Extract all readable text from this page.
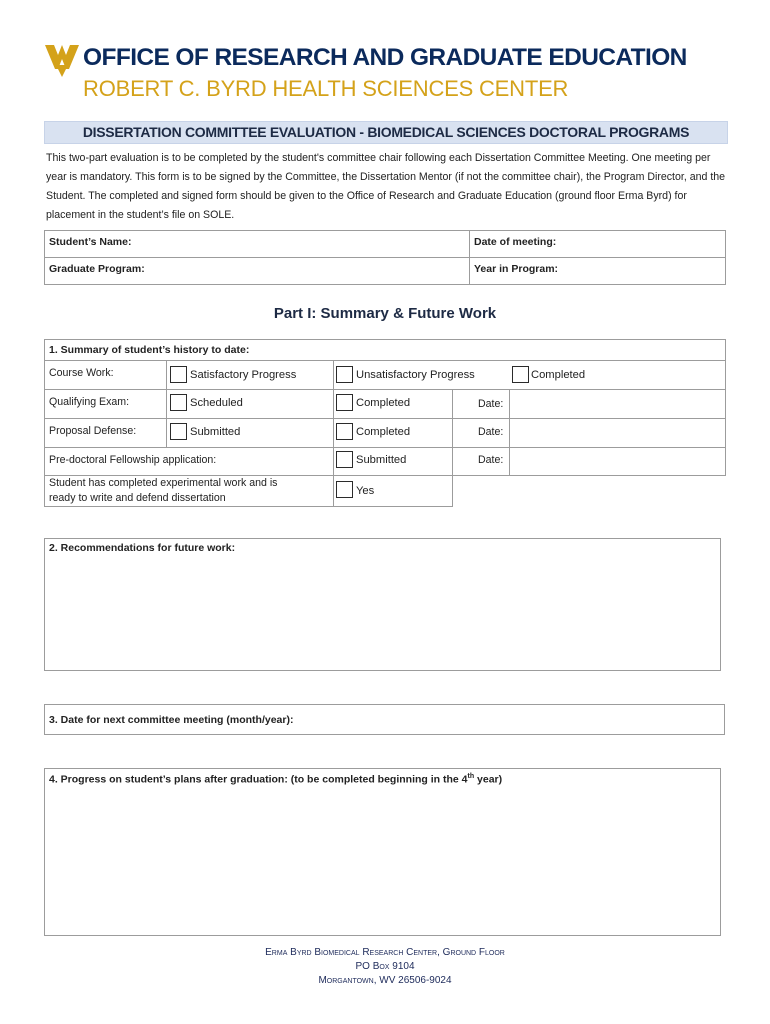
OFFICE OF RESEARCH AND GRADUATE EDUCATION
ROBERT C. BYRD HEALTH SCIENCES CENTER
DISSERTATION COMMITTEE EVALUATION - BIOMEDICAL SCIENCES DOCTORAL PROGRAMS
This two-part evaluation is to be completed by the student's committee chair following each Dissertation Committee Meeting. One meeting per year is mandatory. This form is to be signed by the Committee, the Dissertation Mentor (if not the committee chair), the Program Director, and the Student. The completed and signed form should be given to the Office of Research and Graduate Education (ground floor Erma Byrd) for placement in the student’s file on SOLE.
Student’s Name:	Date of meeting:
Graduate Program:	Year in Program:
Part I: Summary & Future Work
1. Summary of student’s history to date:
Course Work:	Satisfactory Progress	Unsatisfactory Progress	Completed
Qualifying Exam:	Scheduled	Completed	Date:
Proposal Defense:	Submitted	Completed	Date:
Pre-doctoral Fellowship application:	Submitted	Date:
Student has completed experimental work and is
ready to write and defend dissertation
Yes
2. Recommendations for future work:
3. Date for next committee meeting (month/year):
4. Progress on student’s plans after graduation: (to be completed beginning in the 4th year)
Erma Byrd Biomedical Research Center, Ground Floor
PO Box 9104
Morgantown, WV 26506-9024
